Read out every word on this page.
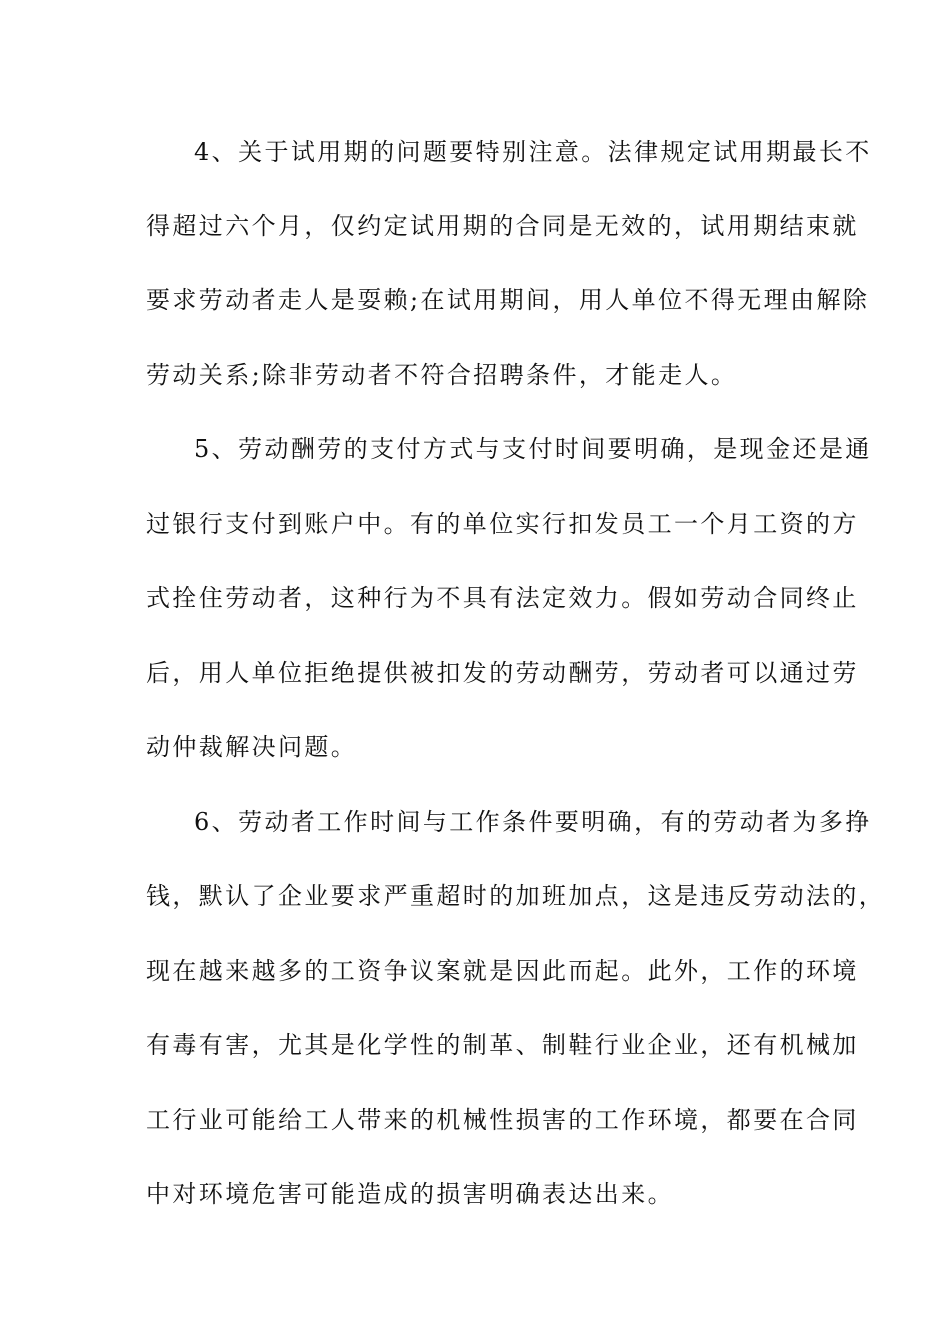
4、关于试用期的问题要特别注意。法律规定试用期最长不
得超过六个月，仅约定试用期的合同是无效的，试用期结束就
要求劳动者走人是耍赖;在试用期间，用人单位不得无理由解除
劳动关系;除非劳动者不符合招聘条件，才能走人。
5、劳动酬劳的支付方式与支付时间要明确，是现金还是通
过银行支付到账户中。有的单位实行扣发员工一个月工资的方
式拴住劳动者，这种行为不具有法定效力。假如劳动合同终止
后，用人单位拒绝提供被扣发的劳动酬劳，劳动者可以通过劳
动仲裁解决问题。
6、劳动者工作时间与工作条件要明确，有的劳动者为多挣
钱，默认了企业要求严重超时的加班加点，这是违反劳动法的，
现在越来越多的工资争议案就是因此而起。此外，工作的环境
有毒有害，尤其是化学性的制革、制鞋行业企业，还有机械加
工行业可能给工人带来的机械性损害的工作环境，都要在合同
中对环境危害可能造成的损害明确表达出来。
